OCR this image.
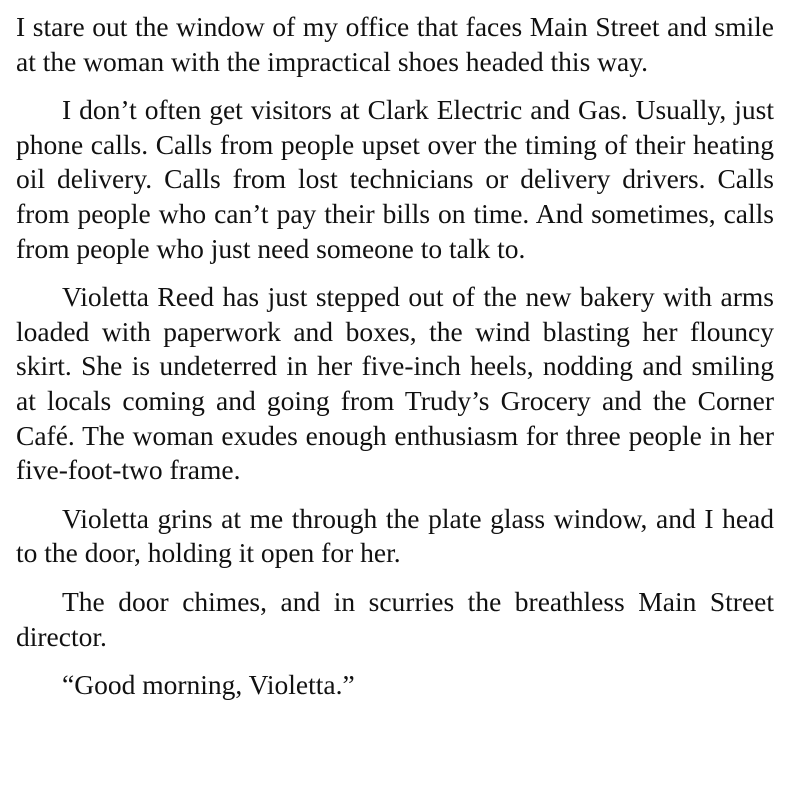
I stare out the window of my office that faces Main Street and smile at the woman with the impractical shoes headed this way.

I don’t often get visitors at Clark Electric and Gas. Usually, just phone calls. Calls from people upset over the timing of their heating oil delivery. Calls from lost technicians or delivery drivers. Calls from people who can’t pay their bills on time. And sometimes, calls from people who just need someone to talk to.

Violetta Reed has just stepped out of the new bakery with arms loaded with paperwork and boxes, the wind blasting her flouncy skirt. She is undeterred in her five-inch heels, nodding and smiling at locals coming and going from Trudy’s Grocery and the Corner Café. The woman exudes enough enthusiasm for three people in her five-foot-two frame.

Violetta grins at me through the plate glass window, and I head to the door, holding it open for her.

The door chimes, and in scurries the breathless Main Street director.

“Good morning, Violetta.”
